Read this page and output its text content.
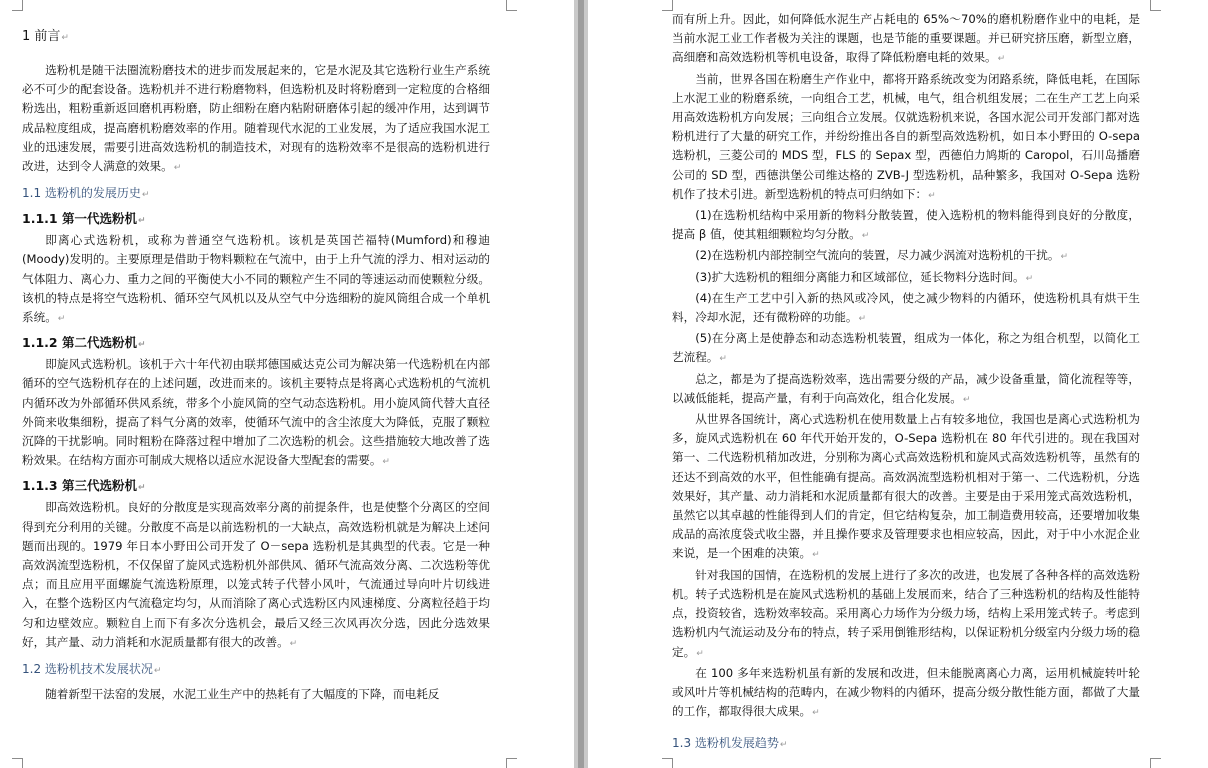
1 前言↵

选粉机是随干法圈流粉磨技术的进步而发展起来的，它是水泥及其它选粉行业生产系统必不可少的配套设备。选粉机并不进行粉磨物料，但选粉机及时将粉磨到一定粒度的合格细粉选出，粗粉重新返回磨机再粉磨，防止细粉在磨内粘附研磨体引起的缓冲作用，达到调节成品粒度组成，提高磨机粉磨效率的作用。随着现代水泥的工业发展，为了适应我国水泥工业的迅速发展，需要引进高效选粉机的制造技术，对现有的选粉效率不是很高的选粉机进行改进，达到令人满意的效果。↵

1.1 选粉机的发展历史↵
1.1.1 第一代选粉机↵

即离心式选粉机，或称为普通空气选粉机。该机是英国芒福特(Mumford)和穆迪(Moody)发明的。主要原理是借助于物料颗粒在气流中，由于上升气流的浮力、相对运动的气体阻力、离心力、重力之间的平衡使大小不同的颗粒产生不同的等速运动而使颗粒分级。该机的特点是将空气选粉机、循环空气风机以及从空气中分选细粉的旋风筒组合成一个单机系统。↵

1.1.2 第二代选粉机↵

即旋风式选粉机。该机于六十年代初由联邦德国威达克公司为解决第一代选粉机在内部循环的空气选粉机存在的上述问题，改进而来的。该机主要特点是将离心式选粉机的气流机内循环改为外部循环供风系统，带多个小旋风筒的空气动态选粉机。用小旋风筒代替大直径外筒来收集细粉，提高了料气分离的效率，使循环气流中的含尘浓度大为降低，克服了颗粒沉降的干扰影响。同时粗粉在降落过程中增加了二次选粉的机会。这些措施较大地改善了选粉效果。在结构方面亦可制成大规格以适应水泥设备大型配套的需要。↵

1.1.3 第三代选粉机↵

即高效选粉机。良好的分散度是实现高效率分离的前提条件，也是使整个分离区的空间得到充分利用的关键。分散度不高是以前选粉机的一大缺点，高效选粉机就是为解决上述问题而出现的。1979 年日本小野田公司开发了 O－sepa 选粉机是其典型的代表。它是一种高效涡流型选粉机，不仅保留了旋风式选粉机外部供风、循环气流高效分离、二次选粉等优点；而且应用平面螺旋气流选粉原理，以笼式转子代替小风叶，气流通过导向叶片切线进入，在整个选粉区内气流稳定均匀，从而消除了离心式选粉区内风速梯度、分离粒径趋于均匀和边壁效应。颗粒自上而下有多次分选机会，最后又经三次风再次分选，因此分选效果好，其产量、动力消耗和水泥质量都有很大的改善。↵

1.2 选粉机技术发展状况↵

随着新型干法窑的发展，水泥工业生产中的热耗有了大幅度的下降，而电耗反

而有所上升。因此，如何降低水泥生产占耗电的 65%～70%的磨机粉磨作业中的电耗，是当前水泥工业工作者极为关注的课题，也是节能的重要课题。并已研究挤压磨，新型立磨，高细磨和高效选粉机等机电设备，取得了降低粉磨电耗的效果。↵

当前，世界各国在粉磨生产作业中，都将开路系统改变为闭路系统，降低电耗，在国际上水泥工业的粉磨系统，一向组合工艺，机械，电气，组合机组发展；二在生产工艺上向采用高效选粉机方向发展；三向组合立发展。仅就选粉机来说，各国水泥公司开发部门都对选粉机进行了大量的研究工作，并纷纷推出各自的新型高效选粉机，如日本小野田的 O-sepa 选粉机，三菱公司的 MDS 型，FLS 的 Sepax 型，西德伯力鸠斯的 Caropol，石川岛播磨公司的 SD 型，西德洪堡公司维达格的 ZVB-J 型选粉机，品种繁多，我国对 O-Sepa 选粉机作了技术引进。新型选粉机的特点可归纳如下：↵

(1)在选粉机结构中采用新的物料分散装置，使入选粉机的物料能得到良好的分散度，提高 β 值，使其粗细颗粒均匀分散。↵

(2)在选粉机内部控制空气流向的装置，尽力减少涡流对选粉机的干扰。↵

(3)扩大选粉机的粗细分离能力和区域部位，延长物料分选时间。↵

(4)在生产工艺中引入新的热风或冷风，使之减少物料的内循环，使选粉机具有烘干生料，冷却水泥，还有微粉碎的功能。↵

(5)在分离上是使静态和动态选粉机装置，组成为一体化，称之为组合机型，以简化工艺流程。↵

总之，都是为了提高选粉效率，选出需要分级的产品，减少设备重量，简化流程等等，以减低能耗，提高产量，有利于向高效化，组合化发展。↵

从世界各国统计，离心式选粉机在使用数量上占有较多地位，我国也是离心式选粉机为多，旋风式选粉机在 60 年代开始开发的，O-Sepa 选粉机在 80 年代引进的。现在我国对第一、二代选粉机稍加改进，分别称为离心式高效选粉机和旋风式高效选粉机等，虽然有的还达不到高效的水平，但性能确有提高。高效涡流型选粉机相对于第一、二代选粉机，分选效果好，其产量、动力消耗和水泥质量都有很大的改善。主要是由于采用笼式高效选粉机，虽然它以其卓越的性能得到人们的肯定，但它结构复杂，加工制造费用较高，还要增加收集成品的高浓度袋式收尘器，并且操作要求及管理要求也相应较高，因此，对于中小水泥企业来说，是一个困难的决策。↵

针对我国的国情，在选粉机的发展上进行了多次的改进，也发展了各种各样的高效选粉机。转子式选粉机是在旋风式选粉机的基础上发展而来，结合了三种选粉机的结构及性能特点，投资较省，选粉效率较高。采用离心力场作为分级力场，结构上采用笼式转子。考虑到选粉机内气流运动及分布的特点，转子采用倒锥形结构，以保证粉机分级室内分级力场的稳定。↵

在 100 多年来选粉机虽有新的发展和改进，但未能脱离离心力离，运用机械旋转叶轮或风叶片等机械结构的范畴内，在减少物料的内循环，提高分级分散性能方面，都做了大量的工作，都取得很大成果。↵

1.3 选粉机发展趋势↵
